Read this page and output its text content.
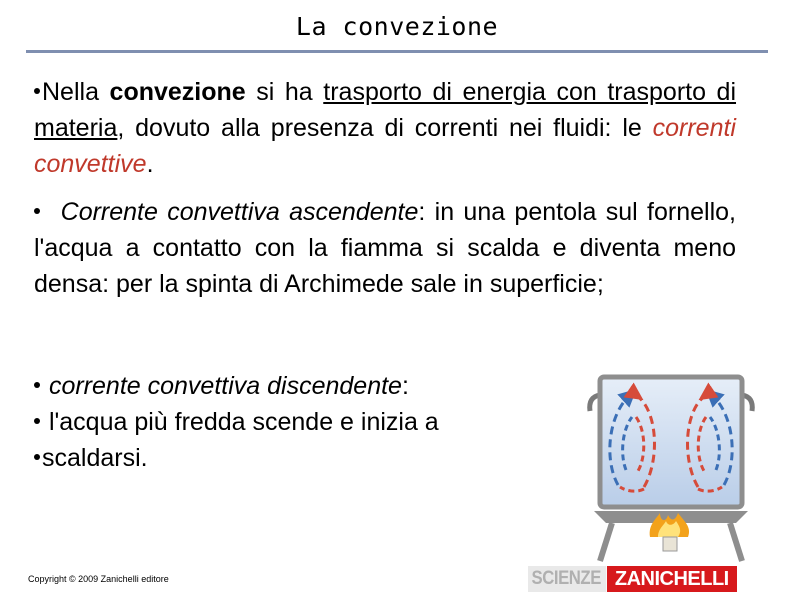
La convezione
Nella convezione si ha trasporto di energia con trasporto di materia, dovuto alla presenza di correnti nei fluidi: le correnti convettive.
Corrente convettiva ascendente: in una pentola sul fornello, l'acqua a contatto con la fiamma si scalda e diventa meno densa: per la spinta di Archimede sale in superficie;
corrente convettiva discendente:
l'acqua più fredda scende e inizia a
scaldarsi.
Copyright © 2009 Zanichelli editore	SCIENZE ZANICHELLI
